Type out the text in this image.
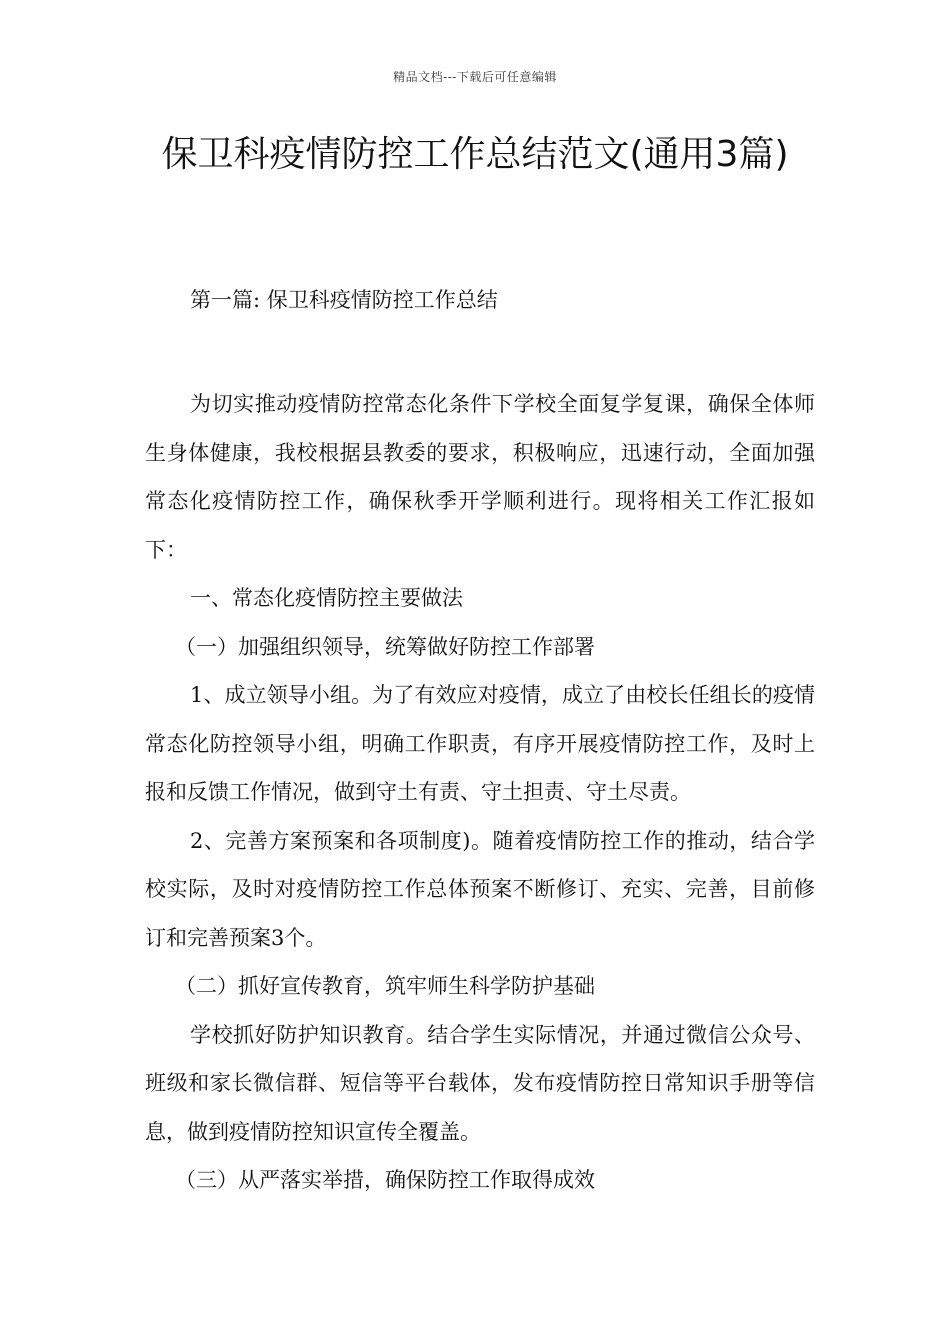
精品文档---下载后可任意编辑
保卫科疫情防控工作总结范文(通用3篇)
第一篇: 保卫科疫情防控工作总结

为切实推动疫情防控常态化条件下学校全面复学复课，确保全体师生身体健康，我校根据县教委的要求，积极响应，迅速行动，全面加强常态化疫情防控工作，确保秋季开学顺利进行。现将相关工作汇报如下：

一、常态化疫情防控主要做法

（一）加强组织领导，统筹做好防控工作部署

1、成立领导小组。为了有效应对疫情，成立了由校长任组长的疫情常态化防控领导小组，明确工作职责，有序开展疫情防控工作，及时上报和反馈工作情况，做到守土有责、守土担责、守土尽责。

2、完善方案预案和各项制度)。随着疫情防控工作的推动，结合学校实际，及时对疫情防控工作总体预案不断修订、充实、完善，目前修订和完善预案3个。

（二）抓好宣传教育，筑牢师生科学防护基础

学校抓好防护知识教育。结合学生实际情况，并通过微信公众号、班级和家长微信群、短信等平台载体，发布疫情防控日常知识手册等信息，做到疫情防控知识宣传全覆盖。

（三）从严落实举措，确保防控工作取得成效
